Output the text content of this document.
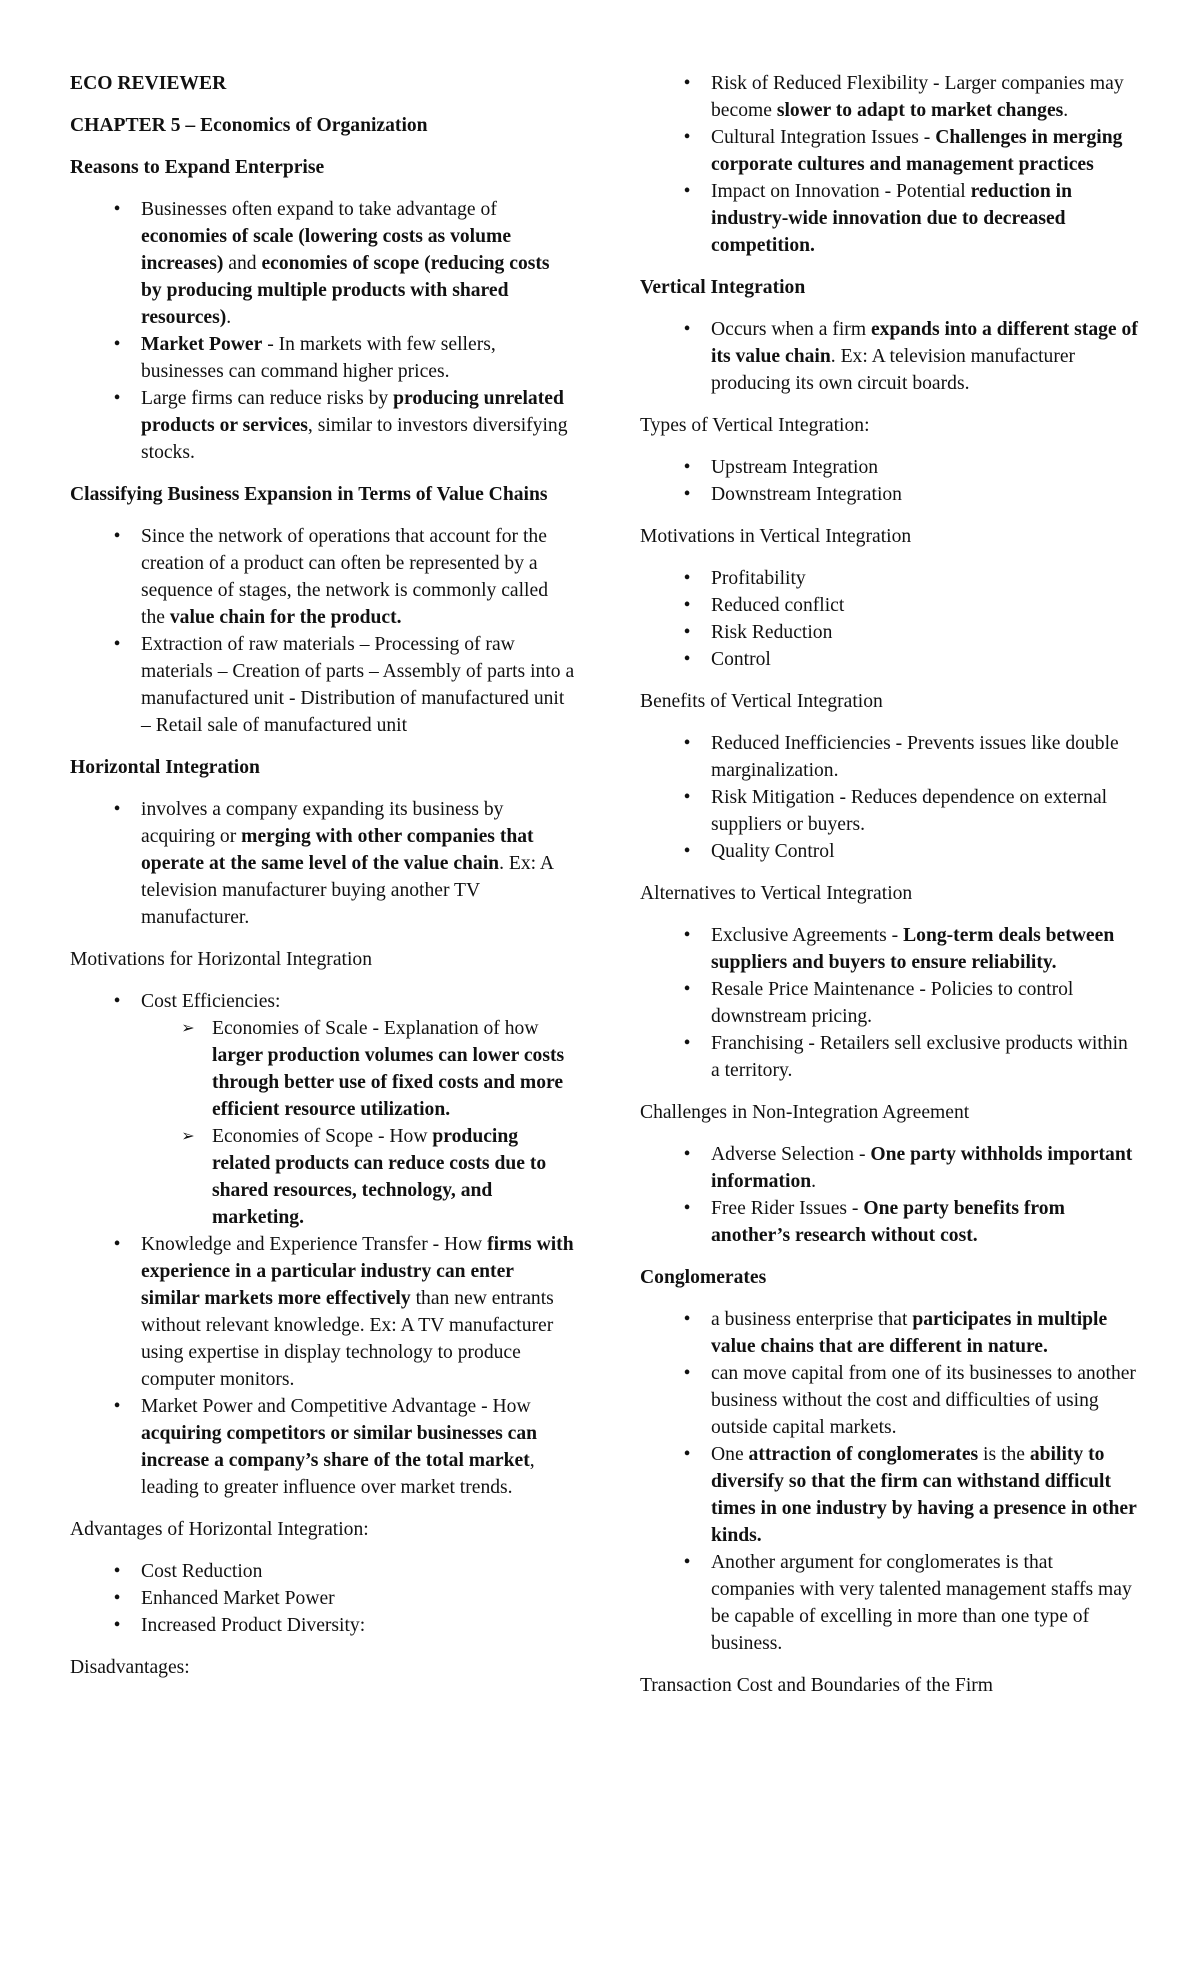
ECO REVIEWER

CHAPTER 5 – Economics of Organization

Reasons to Expand Enterprise

•	Businesses often expand to take advantage of economies of scale (lowering costs as volume increases) and economies of scope (reducing costs by producing multiple products with shared resources).
•	Market Power - In markets with few sellers, businesses can command higher prices.
•	Large firms can reduce risks by producing unrelated products or services, similar to investors diversifying stocks.

Classifying Business Expansion in Terms of Value Chains

•	Since the network of operations that account for the creation of a product can often be represented by a sequence of stages, the network is commonly called the value chain for the product.
•	Extraction of raw materials – Processing of raw materials – Creation of parts – Assembly of parts into a manufactured unit - Distribution of manufactured unit – Retail sale of manufactured unit

Horizontal Integration

•	involves a company expanding its business by acquiring or merging with other companies that operate at the same level of the value chain. Ex: A television manufacturer buying another TV manufacturer.

Motivations for Horizontal Integration

•	Cost Efficiencies:
➢ Economies of Scale - Explanation of how larger production volumes can lower costs through better use of fixed costs and more efficient resource utilization.
➢ Economies of Scope - How producing related products can reduce costs due to shared resources, technology, and marketing.
•	Knowledge and Experience Transfer - How firms with experience in a particular industry can enter similar markets more effectively than new entrants without relevant knowledge. Ex: A TV manufacturer using expertise in display technology to produce computer monitors.
•	Market Power and Competitive Advantage - How acquiring competitors or similar businesses can increase a company’s share of the total market, leading to greater influence over market trends.

Advantages of Horizontal Integration:

•	Cost Reduction
•	Enhanced Market Power
•	Increased Product Diversity:

Disadvantages:

•	Risk of Reduced Flexibility - Larger companies may become slower to adapt to market changes.
•	Cultural Integration Issues - Challenges in merging corporate cultures and management practices
•	Impact on Innovation - Potential reduction in industry-wide innovation due to decreased competition.

Vertical Integration

•	Occurs when a firm expands into a different stage of its value chain. Ex: A television manufacturer producing its own circuit boards.

Types of Vertical Integration:

•	Upstream Integration
•	Downstream Integration

Motivations in Vertical Integration

•	Profitability
•	Reduced conflict
•	Risk Reduction
•	Control

Benefits of Vertical Integration

•	Reduced Inefficiencies - Prevents issues like double marginalization.
•	Risk Mitigation - Reduces dependence on external suppliers or buyers.
•	Quality Control

Alternatives to Vertical Integration

•	Exclusive Agreements - Long-term deals between suppliers and buyers to ensure reliability.
•	Resale Price Maintenance - Policies to control downstream pricing.
•	Franchising - Retailers sell exclusive products within a territory.

Challenges in Non-Integration Agreement

•	Adverse Selection - One party withholds important information.
•	Free Rider Issues - One party benefits from another’s research without cost.

Conglomerates

•	a business enterprise that participates in multiple value chains that are different in nature.
•	can move capital from one of its businesses to another business without the cost and difficulties of using outside capital markets.
•	One attraction of conglomerates is the ability to diversify so that the firm can withstand difficult times in one industry by having a presence in other kinds.
•	Another argument for conglomerates is that companies with very talented management staffs may be capable of excelling in more than one type of business.

Transaction Cost and Boundaries of the Firm
